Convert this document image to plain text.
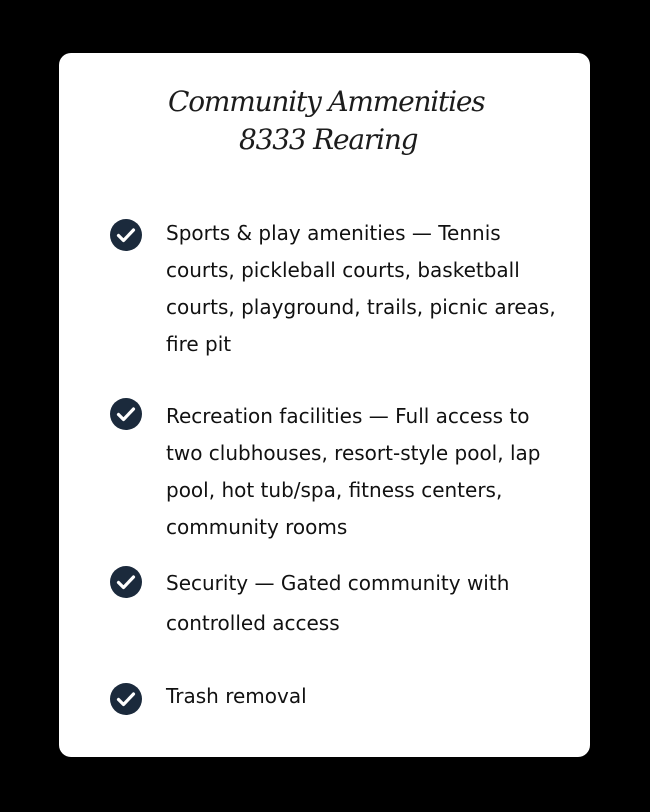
Community Ammenities
8333 Rearing
Sports & play amenities — Tennis courts, pickleball courts, basketball courts, playground, trails, picnic areas, fire pit
Recreation facilities — Full access to two clubhouses, resort-style pool, lap pool, hot tub/spa, fitness centers, community rooms
Security — Gated community with controlled access
Trash removal
